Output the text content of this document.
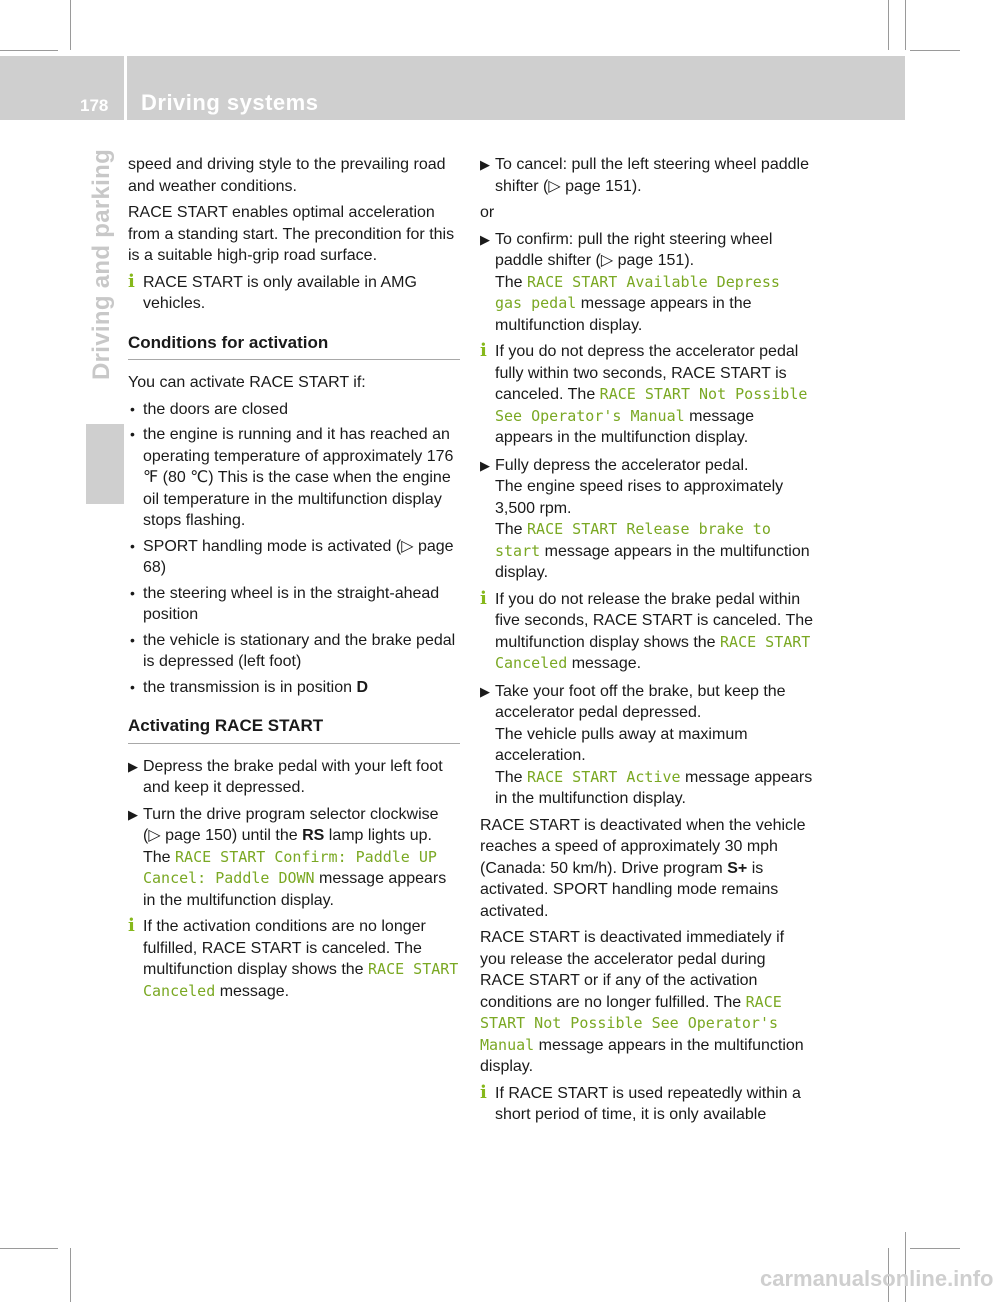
178 Driving systems
Driving and parking speed and driving style to the prevailing road and weather conditions.

RACE START enables optimal acceleration from a standing start. The precondition for this is a suitable high-grip road surface.

i RACE START is only available in AMG vehicles.
Conditions for activation

You can activate RACE START if:

• the doors are closed
• the engine is running and it has reached an operating temperature of approximately 176 ℉ (80 ℃) This is the case when the engine oil temperature in the multifunction display stops flashing.
• SPORT handling mode is activated (▷ page 68)
• the steering wheel is in the straight-ahead position
• the vehicle is stationary and the brake pedal is depressed (left foot)
• the transmission is in position D
Activating RACE START
▶ Depress the brake pedal with your left foot and keep it depressed.
▶ Turn the drive program selector clockwise (▷ page 150) until the RS lamp lights up.
The RACE START Confirm: Paddle UP Cancel: Paddle DOWN message appears in the multifunction display.
i If the activation conditions are no longer fulfilled, RACE START is canceled. The multifunction display shows the RACE START Canceled message.
▶ To cancel: pull the left steering wheel paddle shifter (▷ page 151).

or

▶ To confirm: pull the right steering wheel paddle shifter (▷ page 151).
The RACE START Available Depress gas pedal message appears in the multifunction display.
i If you do not depress the accelerator pedal fully within two seconds, RACE START is canceled. The RACE START Not Possible See Operator's Manual message appears in the multifunction display.
▶ Fully depress the accelerator pedal.
The engine speed rises to approximately 3,500 rpm.
The RACE START Release brake to start message appears in the multifunction display.
i If you do not release the brake pedal within five seconds, RACE START is canceled. The multifunction display shows the RACE START Canceled message.
▶ Take your foot off the brake, but keep the accelerator pedal depressed.
The vehicle pulls away at maximum acceleration.
The RACE START Active message appears in the multifunction display.

RACE START is deactivated when the vehicle reaches a speed of approximately 30 mph (Canada: 50 km/h). Drive program S+ is activated. SPORT handling mode remains activated.

RACE START is deactivated immediately if you release the accelerator pedal during RACE START or if any of the activation conditions are no longer fulfilled. The RACE START Not Possible See Operator's Manual message appears in the multifunction display.

i If RACE START is used repeatedly within a short period of time, it is only available
carmanualsonline.info
